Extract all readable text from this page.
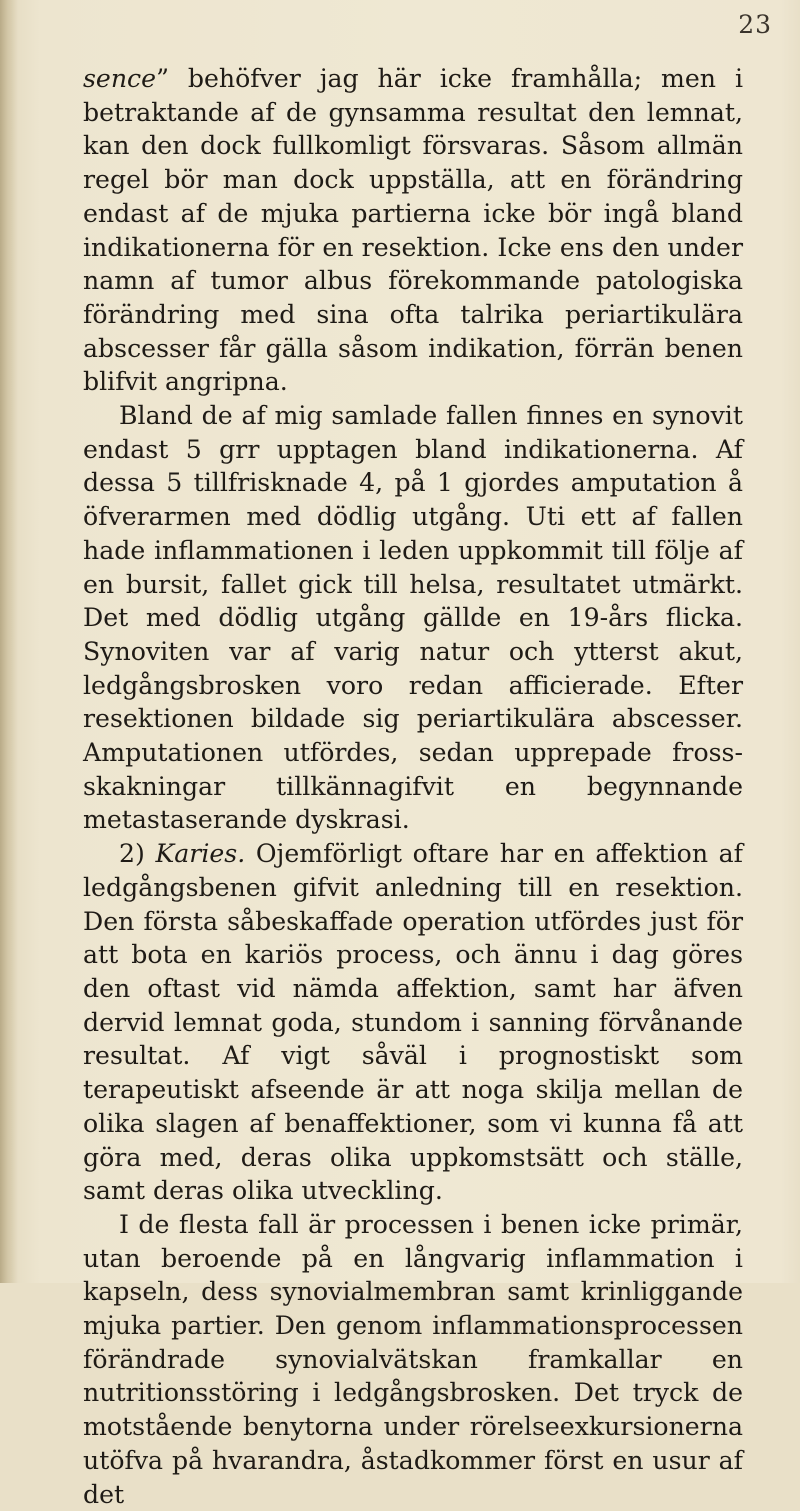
23

sence” behöfver jag här icke framhålla; men i betraktande af de gynsamma resultat den lemnat, kan den dock fullkomligt försvaras. Såsom allmän regel bör man dock uppställa, att en förändring endast af de mjuka partierna icke bör ingå bland indikationerna för en resektion. Icke ens den under namn af tumor albus förekommande patologiska förändring med sina ofta talrika periartikulära abscesser får gälla såsom indikation, förrän benen blifvit angripna.

Bland de af mig samlade fallen finnes en synovit endast 5 grr upptagen bland indikationerna. Af dessa 5 tillfrisknade 4, på 1 gjordes amputation å öfverarmen med dödlig utgång. Uti ett af fallen hade inflammationen i leden uppkommit till följe af en bursit, fallet gick till helsa, resultatet utmärkt. Det med dödlig utgång gällde en 19-års flicka. Synoviten var af varig natur och ytterst akut, ledgångsbrosken voro redan afficierade. Efter resektionen bildade sig periartikulära abscesser. Amputationen utfördes, sedan upprepade fross-skakningar tillkännagifvit en begynnande metastaserande dyskrasi.

2) Karies. Ojemförligt oftare har en affektion af ledgångsbenen gifvit anledning till en resektion. Den första såbeskaffade operation utfördes just för att bota en kariös process, och ännu i dag göres den oftast vid nämda affektion, samt har äfven dervid lemnat goda, stundom i sanning förvånande resultat. Af vigt såväl i prognostiskt som terapeutiskt afseende är att noga skilja mellan de olika slagen af benaffektioner, som vi kunna få att göra med, deras olika uppkomstsätt och ställe, samt deras olika utveckling.

I de flesta fall är processen i benen icke primär, utan beroende på en långvarig inflammation i kapseln, dess synovialmembran samt krinliggande mjuka partier. Den genom inflammationsprocessen förändrade synovialvätskan framkallar en nutritionsstöring i ledgångsbrosken. Det tryck de motstående benytorna under rörelseexkursionerna utöfva på hvarandra, åstadkommer först en usur af det
